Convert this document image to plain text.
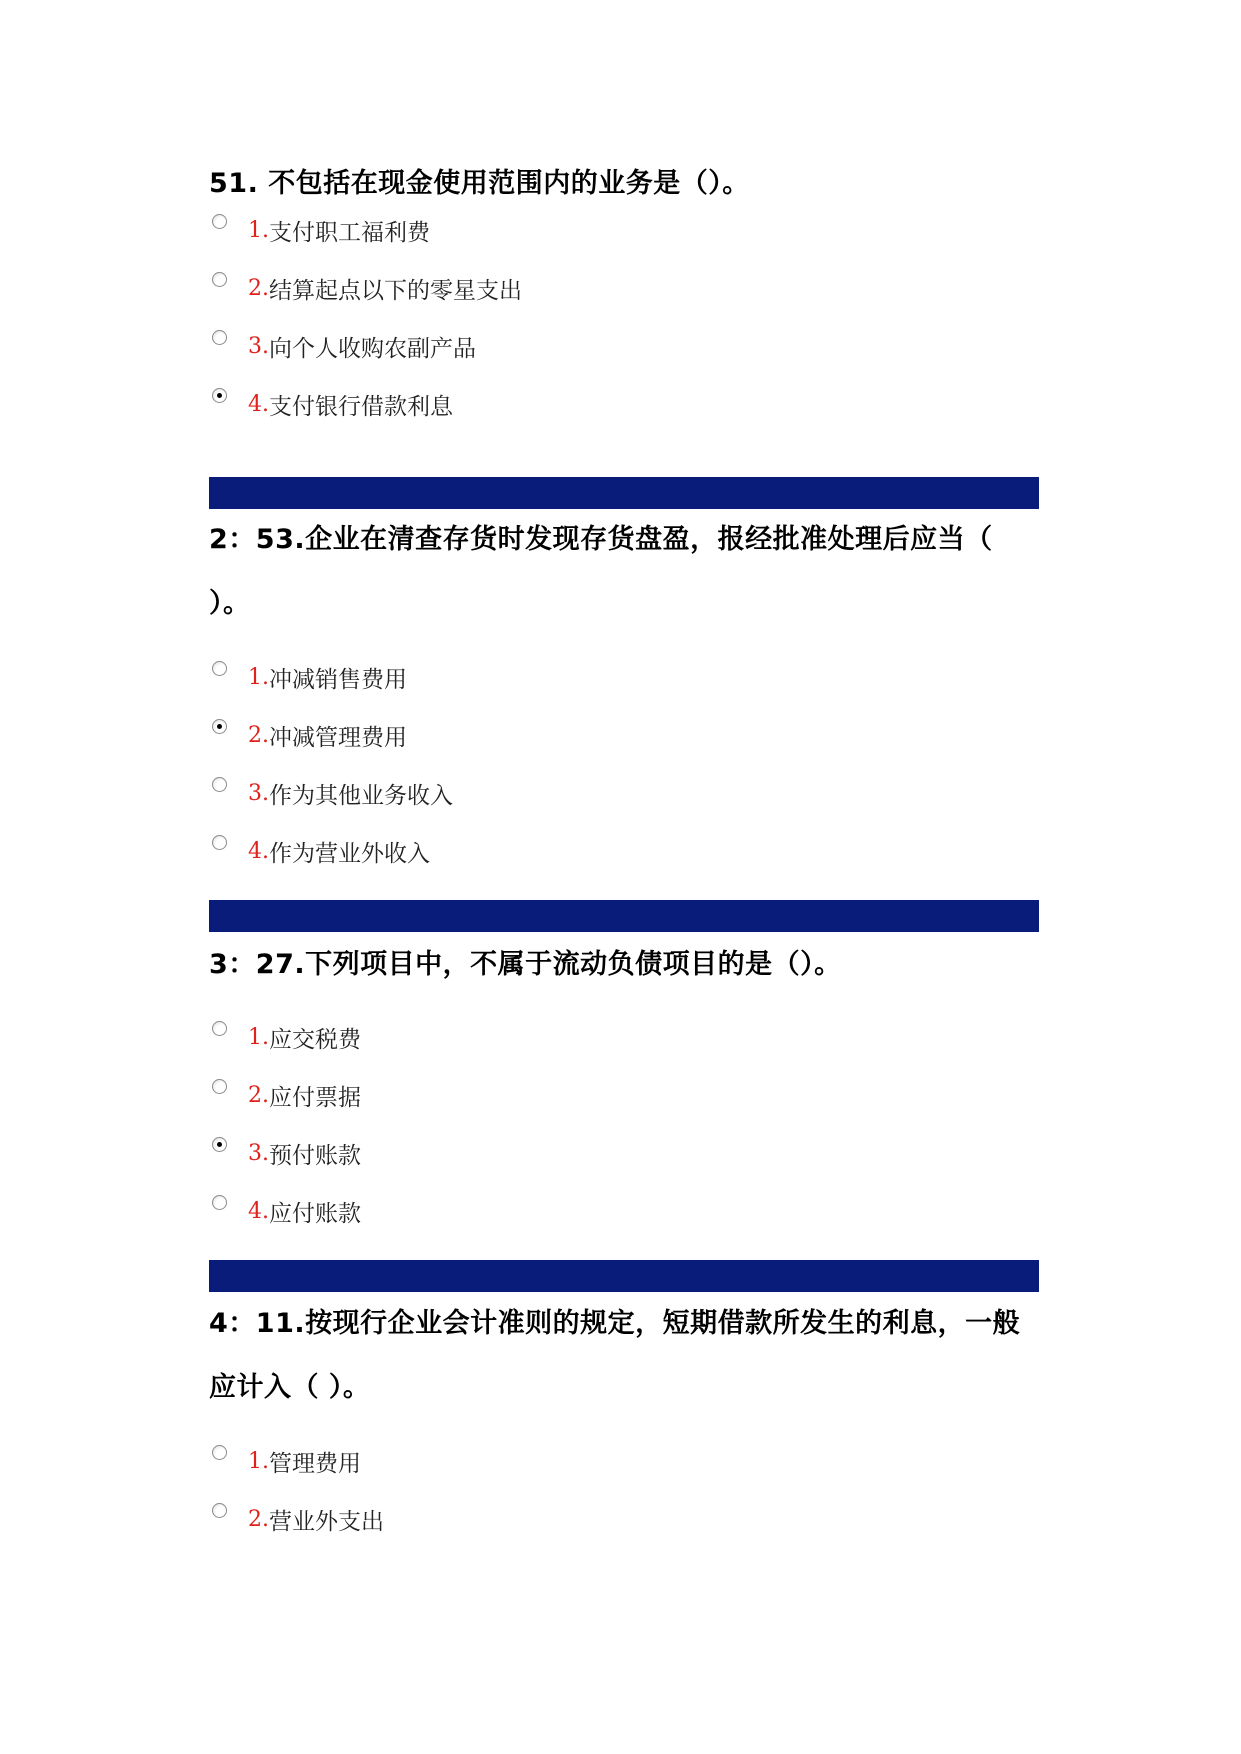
51. 不包括在现金使用范围内的业务是（）。
1. 支付职工福利费
2. 结算起点以下的零星支出
3. 向个人收购农副产品
4. 支付银行借款利息
2：53.企业在清查存货时发现存货盘盈，报经批准处理后应当（ ）。
1. 冲减销售费用
2. 冲减管理费用
3. 作为其他业务收入
4. 作为营业外收入
3：27.下列项目中，不属于流动负债项目的是（）。
1. 应交税费
2. 应付票据
3. 预付账款
4. 应付账款
4：11.按现行企业会计准则的规定，短期借款所发生的利息，一般应计入（ ）。
1. 管理费用
2. 营业外支出
